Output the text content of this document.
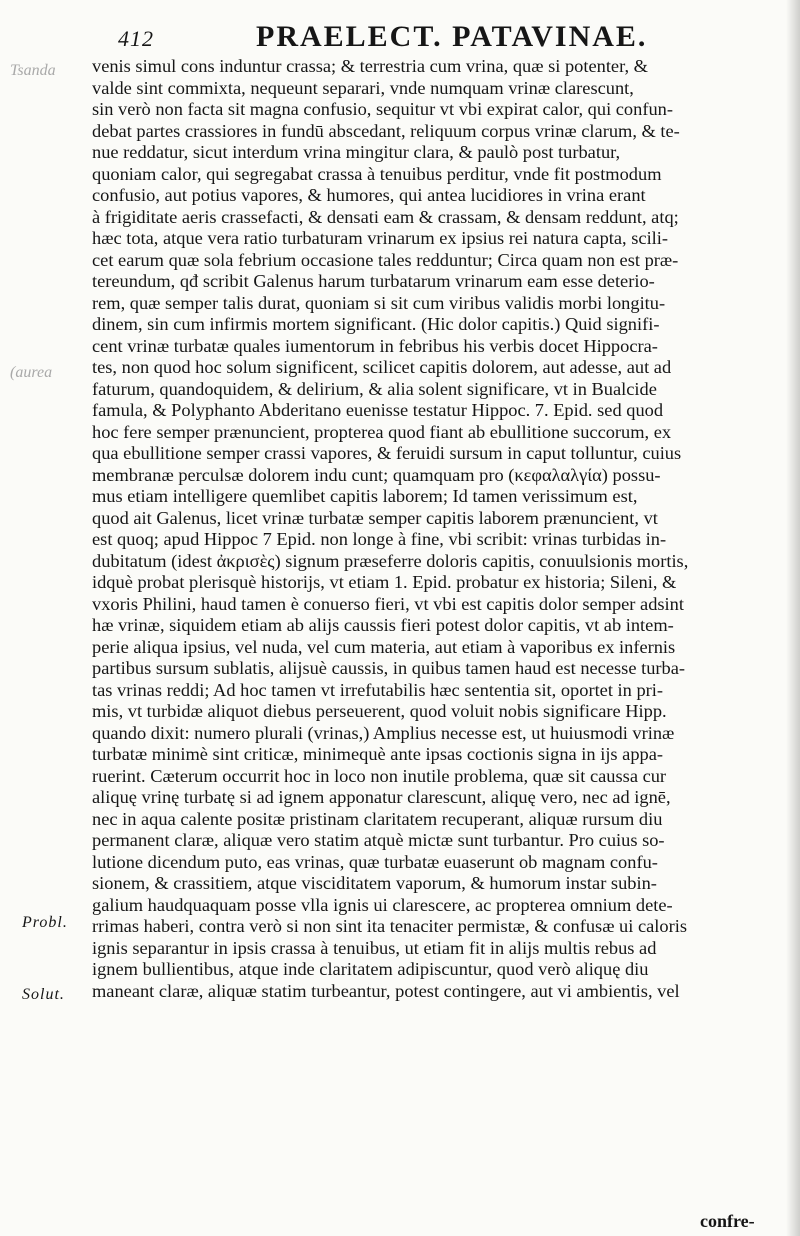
412	PRAELECT. PATAVINAE.
Tsanda
(aurea
venis simul cons induntur crassa; & terrestria cum vrina, quæ si potenter, &
valde sint commixta, nequeunt separari, vnde numquam vrinæ clarescunt,
sin verò non facta sit magna confusio, sequitur vt vbi expirat calor, qui confun-
debat partes crassiores in fundū abscedant, reliquum corpus vrinæ clarum, & te-
nue reddatur, sicut interdum vrina mingitur clara, & paulò post turbatur,
quoniam calor, qui segregabat crassa à tenuibus perditur, vnde fit postmodum
confusio, aut potius vapores, & humores, qui antea lucidiores in vrina erant
à frigiditate aeris crassefacti, & densati eam & crassam, & densam reddunt, atq;
hæc tota, atque vera ratio turbaturam vrinarum ex ipsius rei natura capta, scili-
cet earum quæ sola febrium occasione tales redduntur; Circa quam non est præ-
tereundum, qđ scribit Galenus harum turbatarum vrinarum eam esse deterio-
rem, quæ semper talis durat, quoniam si sit cum viribus validis morbi longitu-
dinem, sin cum infirmis mortem significant. (Hic dolor capitis.) Quid signifi-
cent vrinæ turbatæ quales iumentorum in febribus his verbis docet Hippocra-
tes, non quod hoc solum significent, scilicet capitis dolorem, aut adesse, aut ad
faturum, quandoquidem, & delirium, & alia solent significare, vt in Bualcide
famula, & Polyphanto Abderitano euenisse testatur Hippoc. 7. Epid. sed quod
hoc fere semper prænuncient, propterea quod fiant ab ebullitione succorum, ex
qua ebullitione semper crassi vapores, & feruidi sursum in caput tolluntur, cuius
membranæ perculsæ dolorem indu cunt; quamquam pro (κεφαλαλγία) possu-
mus etiam intelligere quemlibet capitis laborem; Id tamen verissimum est,
quod ait Galenus, licet vrinæ turbatæ semper capitis laborem prænuncient, vt
est quoq; apud Hippoc 7 Epid. non longe à fine, vbi scribit: vrinas turbidas in-
dubitatum (idest ἀκρισὲς) signum præseferre doloris capitis, conuulsionis mortis,
idquè probat plerisquè historijs, vt etiam 1. Epid. probatur ex historia; Sileni, &
vxoris Philini, haud tamen è conuerso fieri, vt vbi est capitis dolor semper adsint
hæ vrinæ, siquidem etiam ab alijs caussis fieri potest dolor capitis, vt ab intem-
perie aliqua ipsius, vel nuda, vel cum materia, aut etiam à vaporibus ex infernis
partibus sursum sublatis, alijsuè caussis, in quibus tamen haud est necesse turba-
tas vrinas reddi; Ad hoc tamen vt irrefutabilis hæc sententia sit, oportet in pri-
mis, vt turbidæ aliquot diebus perseuerent, quod voluit nobis significare Hipp.
quando dixit: numero plurali (vrinas,) Amplius necesse est, ut huiusmodi vrinæ
turbatæ minimè sint criticæ, minimequè ante ipsas coctionis signa in ijs appa-
ruerint. Cæterum occurrit hoc in loco non inutile problema, quæ sit caussa cur
aliquę vrinę turbatę si ad ignem apponatur clarescunt, aliquę vero, nec ad ignē,
nec in aqua calente positæ pristinam claritatem recuperant, aliquæ rursum diu
permanent claræ, aliquæ vero statim atquè mictæ sunt turbantur. Pro cuius so-
lutione dicendum puto, eas vrinas, quæ turbatæ euaserunt ob magnam confu-
sionem, & crassitiem, atque visciditatem vaporum, & humorum instar subin-
galium haudquaquam posse vlla ignis ui clarescere, ac propterea omnium dete-
rrimas haberi, contra verò si non sint ita tenaciter permistæ, & confusæ ui caloris
ignis separantur in ipsis crassa à tenuibus, ut etiam fit in alijs multis rebus ad
ignem bullientibus, atque inde claritatem adipiscuntur, quod verò aliquę diu
maneant claræ, aliquæ statim turbeantur, potest contingere, aut vi ambientis, vel
Probl.
Solut.
confre-
